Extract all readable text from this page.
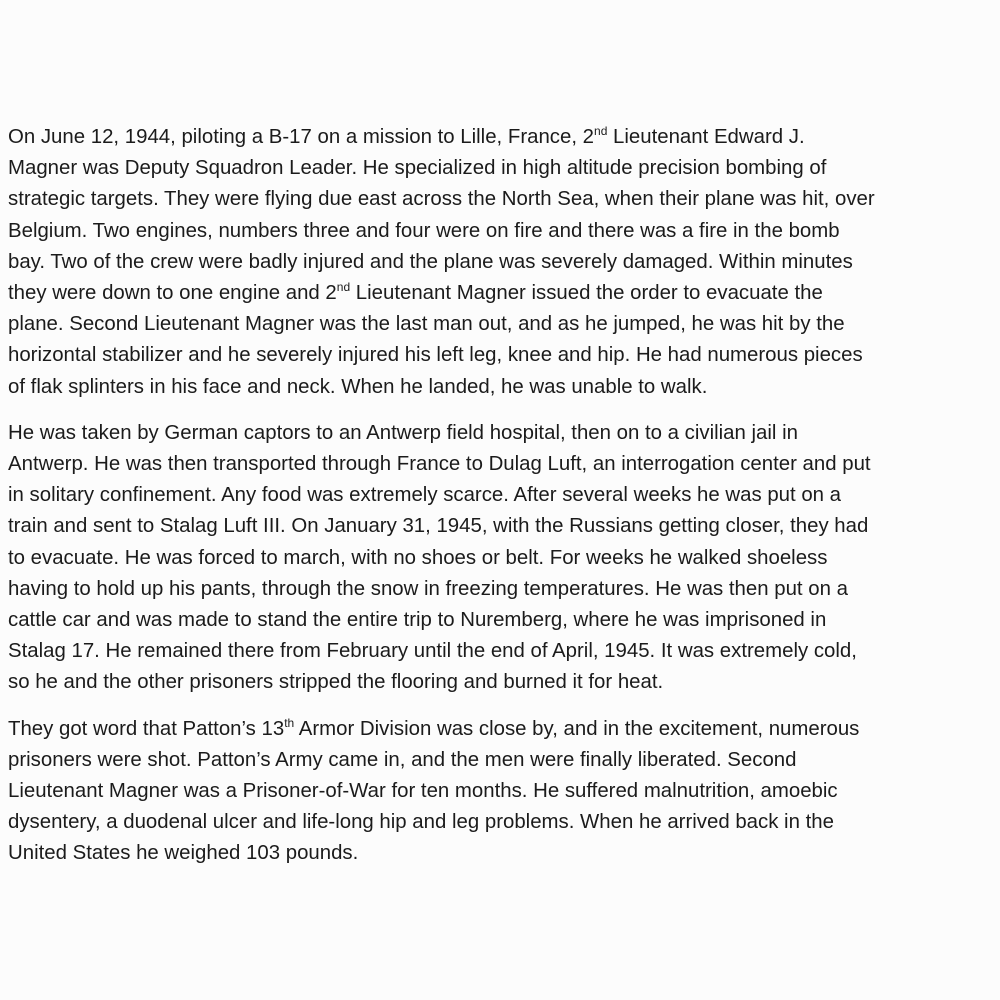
On June 12, 1944, piloting a B-17 on a mission to Lille, France, 2nd Lieutenant Edward J.
Magner was Deputy Squadron Leader. He specialized in high altitude precision bombing of
strategic targets. They were flying due east across the North Sea, when their plane was hit, over
Belgium. Two engines, numbers three and four were on fire and there was a fire in the bomb
bay. Two of the crew were badly injured and the plane was severely damaged. Within minutes
they were down to one engine and 2nd Lieutenant Magner issued the order to evacuate the
plane. Second Lieutenant Magner was the last man out, and as he jumped, he was hit by the
horizontal stabilizer and he severely injured his left leg, knee and hip. He had numerous pieces
of flak splinters in his face and neck. When he landed, he was unable to walk.

He was taken by German captors to an Antwerp field hospital, then on to a civilian jail in
Antwerp. He was then transported through France to Dulag Luft, an interrogation center and put
in solitary confinement. Any food was extremely scarce. After several weeks he was put on a
train and sent to Stalag Luft III. On January 31, 1945, with the Russians getting closer, they had
to evacuate. He was forced to march, with no shoes or belt. For weeks he walked shoeless
having to hold up his pants, through the snow in freezing temperatures. He was then put on a
cattle car and was made to stand the entire trip to Nuremberg, where he was imprisoned in
Stalag 17. He remained there from February until the end of April, 1945. It was extremely cold,
so he and the other prisoners stripped the flooring and burned it for heat.

They got word that Patton’s 13th Armor Division was close by, and in the excitement, numerous
prisoners were shot. Patton’s Army came in, and the men were finally liberated. Second
Lieutenant Magner was a Prisoner-of-War for ten months. He suffered malnutrition, amoebic
dysentery, a duodenal ulcer and life-long hip and leg problems. When he arrived back in the
United States he weighed 103 pounds.
